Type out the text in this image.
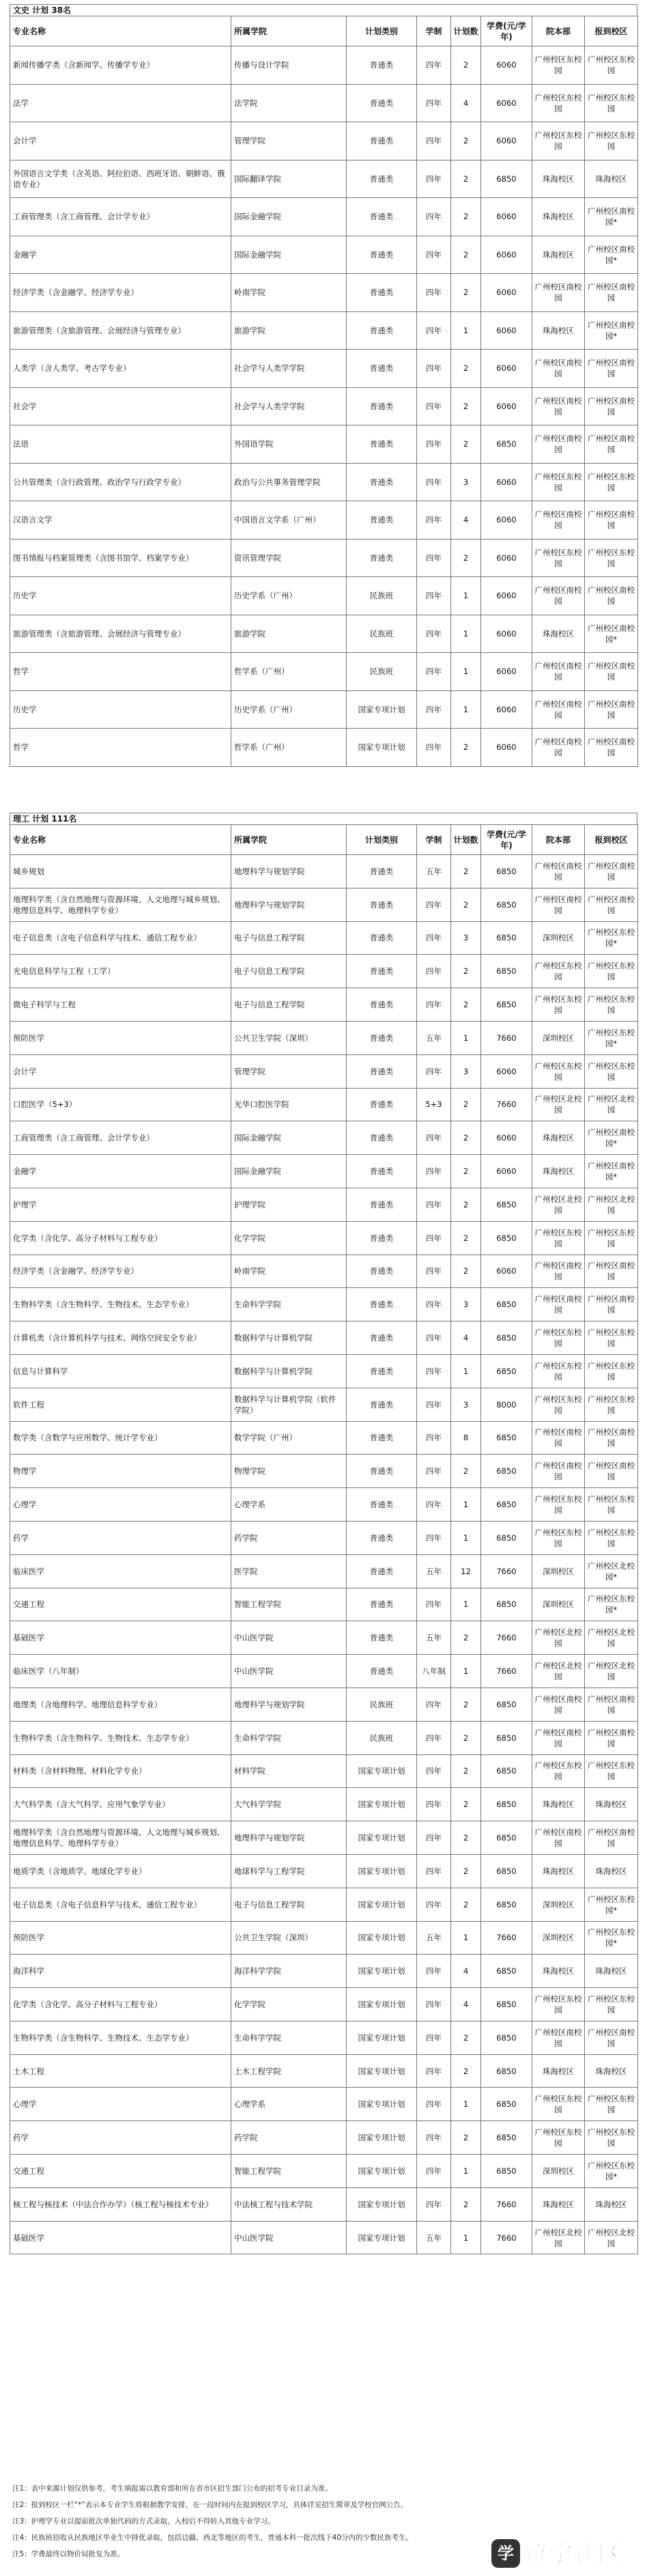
文史 计划 38名
专业名称	所属学院	计划类别	学制	计划数	学费(元/学年)	院本部	报到校区
新闻传播学类（含新闻学、传播学专业）	传播与设计学院	普通类	四年	2	6060	广州校区东校园	广州校区东校园
法学	法学院	普通类	四年	4	6060	广州校区东校园	广州校区东校园
会计学	管理学院	普通类	四年	2	6060	广州校区东校园	广州校区东校园
外国语言文学类（含英语、阿拉伯语、西班牙语、朝鲜语、俄语专业）	国际翻译学院	普通类	四年	2	6850	珠海校区	珠海校区
工商管理类（含工商管理、会计学专业）	国际金融学院	普通类	四年	2	6060	珠海校区	广州校区南校园*
金融学	国际金融学院	普通类	四年	2	6060	珠海校区	广州校区南校园*
经济学类（含金融学、经济学专业）	岭南学院	普通类	四年	2	6060	广州校区南校园	广州校区南校园
旅游管理类（含旅游管理、会展经济与管理专业）	旅游学院	普通类	四年	1	6060	珠海校区	广州校区南校园*
人类学（含人类学、考古学专业）	社会学与人类学学院	普通类	四年	2	6060	广州校区南校园	广州校区南校园
社会学	社会学与人类学学院	普通类	四年	2	6060	广州校区南校园	广州校区南校园
法语	外国语学院	普通类	四年	2	6850	广州校区南校园	广州校区南校园
公共管理类（含行政管理、政治学与行政学专业）	政治与公共事务管理学院	普通类	四年	3	6060	广州校区东校园	广州校区东校园
汉语言文学	中国语言文学系（广州）	普通类	四年	4	6060	广州校区南校园	广州校区南校园
图书情报与档案管理类（含图书馆学、档案学专业）	资讯管理学院	普通类	四年	2	6060	广州校区东校园	广州校区东校园
历史学	历史学系（广州）	民族班	四年	1	6060	广州校区南校园	广州校区南校园
旅游管理类（含旅游管理、会展经济与管理专业）	旅游学院	民族班	四年	1	6060	珠海校区	广州校区南校园*
哲学	哲学系（广州）	民族班	四年	1	6060	广州校区南校园	广州校区南校园
历史学	历史学系（广州）	国家专项计划	四年	1	6060	广州校区南校园	广州校区南校园
哲学	哲学系（广州）	国家专项计划	四年	2	6060	广州校区南校园	广州校区南校园
理工 计划 111名
专业名称	所属学院	计划类别	学制	计划数	学费(元/学年)	院本部	报到校区
城乡规划	地理科学与规划学院	普通类	五年	2	6850	广州校区南校园	广州校区南校园
地理科学类（含自然地理与资源环境、人文地理与城乡规划、地理信息科学、地理科学专业）	地理科学与规划学院	普通类	四年	2	6850	广州校区南校园	广州校区南校园
电子信息类（含电子信息科学与技术、通信工程专业）	电子与信息工程学院	普通类	四年	3	6850	深圳校区	广州校区东校园*
光电信息科学与工程（工学）	电子与信息工程学院	普通类	四年	2	6850	广州校区东校园	广州校区东校园
微电子科学与工程	电子与信息工程学院	普通类	四年	2	6850	广州校区东校园	广州校区东校园
预防医学	公共卫生学院（深圳）	普通类	五年	1	7660	深圳校区	广州校区东校园*
会计学	管理学院	普通类	四年	3	6060	广州校区东校园	广州校区东校园
口腔医学（5+3）	光华口腔医学院	普通类	5+3	2	7660	广州校区北校园	广州校区北校园
工商管理类（含工商管理、会计学专业）	国际金融学院	普通类	四年	2	6060	珠海校区	广州校区南校园*
金融学	国际金融学院	普通类	四年	2	6060	珠海校区	广州校区南校园*
护理学	护理学院	普通类	四年	2	6850	广州校区北校园	广州校区北校园
化学类（含化学、高分子材料与工程专业）	化学学院	普通类	四年	2	6850	广州校区东校园	广州校区东校园
经济学类（含金融学、经济学专业）	岭南学院	普通类	四年	2	6060	广州校区南校园	广州校区南校园
生物科学类（含生物科学、生物技术、生态学专业）	生命科学学院	普通类	四年	3	6850	广州校区南校园	广州校区南校园
计算机类（含计算机科学与技术、网络空间安全专业）	数据科学与计算机学院	普通类	四年	4	6850	广州校区东校园	广州校区东校园
信息与计算科学	数据科学与计算机学院	普通类	四年	1	6850	广州校区东校园	广州校区东校园
软件工程	数据科学与计算机学院（软件学院）	普通类	四年	3	8000	广州校区东校园	广州校区东校园
数学类（含数学与应用数学、统计学专业）	数学学院（广州）	普通类	四年	8	6850	广州校区南校园	广州校区南校园
物理学	物理学院	普通类	四年	2	6850	广州校区南校园	广州校区南校园
心理学	心理学系	普通类	四年	1	6850	广州校区东校园	广州校区东校园
药学	药学院	普通类	四年	1	6850	广州校区东校园	广州校区东校园
临床医学	医学院	普通类	五年	12	7660	深圳校区	广州校区北校园*
交通工程	智能工程学院	普通类	四年	1	6850	深圳校区	广州校区东校园*
基础医学	中山医学院	普通类	五年	2	7660	广州校区北校园	广州校区北校园
临床医学（八年制）	中山医学院	普通类	八年制	1	7660	广州校区北校园	广州校区北校园
地理类（含地理科学、地理信息科学专业）	地理科学与规划学院	民族班	四年	2	6850	广州校区南校园	广州校区南校园
生物科学类（含生物科学、生物技术、生态学专业）	生命科学学院	民族班	四年	2	6850	广州校区南校园	广州校区南校园
材料类（含材料物理、材料化学专业）	材料学院	国家专项计划	四年	2	6850	广州校区东校园	广州校区东校园
大气科学类（含大气科学、应用气象学专业）	大气科学学院	国家专项计划	四年	2	6850	珠海校区	珠海校区
地理科学类（含自然地理与资源环境、人文地理与城乡规划、地理信息科学、地理科学专业）	地理科学与规划学院	国家专项计划	四年	2	6850	广州校区南校园	广州校区南校园
地质学类（含地质学、地球化学专业）	地球科学与工程学院	国家专项计划	四年	2	6850	珠海校区	珠海校区
电子信息类（含电子信息科学与技术、通信工程专业）	电子与信息工程学院	国家专项计划	四年	2	6850	深圳校区	广州校区东校园*
预防医学	公共卫生学院（深圳）	国家专项计划	五年	1	7660	深圳校区	广州校区东校园*
海洋科学	海洋科学学院	国家专项计划	四年	4	6850	珠海校区	珠海校区
化学类（含化学、高分子材料与工程专业）	化学学院	国家专项计划	四年	4	6850	广州校区东校园	广州校区东校园
生物科学类（含生物科学、生物技术、生态学专业）	生命科学学院	国家专项计划	四年	2	6850	广州校区南校园	广州校区南校园
土木工程	土木工程学院	国家专项计划	四年	2	6850	珠海校区	珠海校区
心理学	心理学系	国家专项计划	四年	1	6850	广州校区东校园	广州校区东校园
药学	药学院	国家专项计划	四年	2	6850	广州校区东校园	广州校区东校园
交通工程	智能工程学院	国家专项计划	四年	1	6850	深圳校区	广州校区东校园*
核工程与核技术（中法合作办学）（核工程与核技术专业）	中法核工程与技术学院	国家专项计划	四年	2	7660	珠海校区	珠海校区
基础医学	中山医学院	国家专项计划	五年	1	7660	广州校区北校园	广州校区北校园
注1：表中来源计划仅供参考，考生填报需以教育部和所在省市区招生部门公布的招考专业目录为准。
注2：报到校区一栏“*”表示本专业学生将根据教学安排，在一段时间内在报到校区学习，具体详见招生简章及学校官网公告。
注3：护理学专业以提前批次单独代码的方式录取，入校后不得转入其他专业学习。
注4：民族班招收从民族地区毕业生中择优录取，包括边疆、西北等地区的考生，普通本科一批次线下40分内的少数民族考生。
注5：学费最终以物价局批复为准。	学 留学社区
